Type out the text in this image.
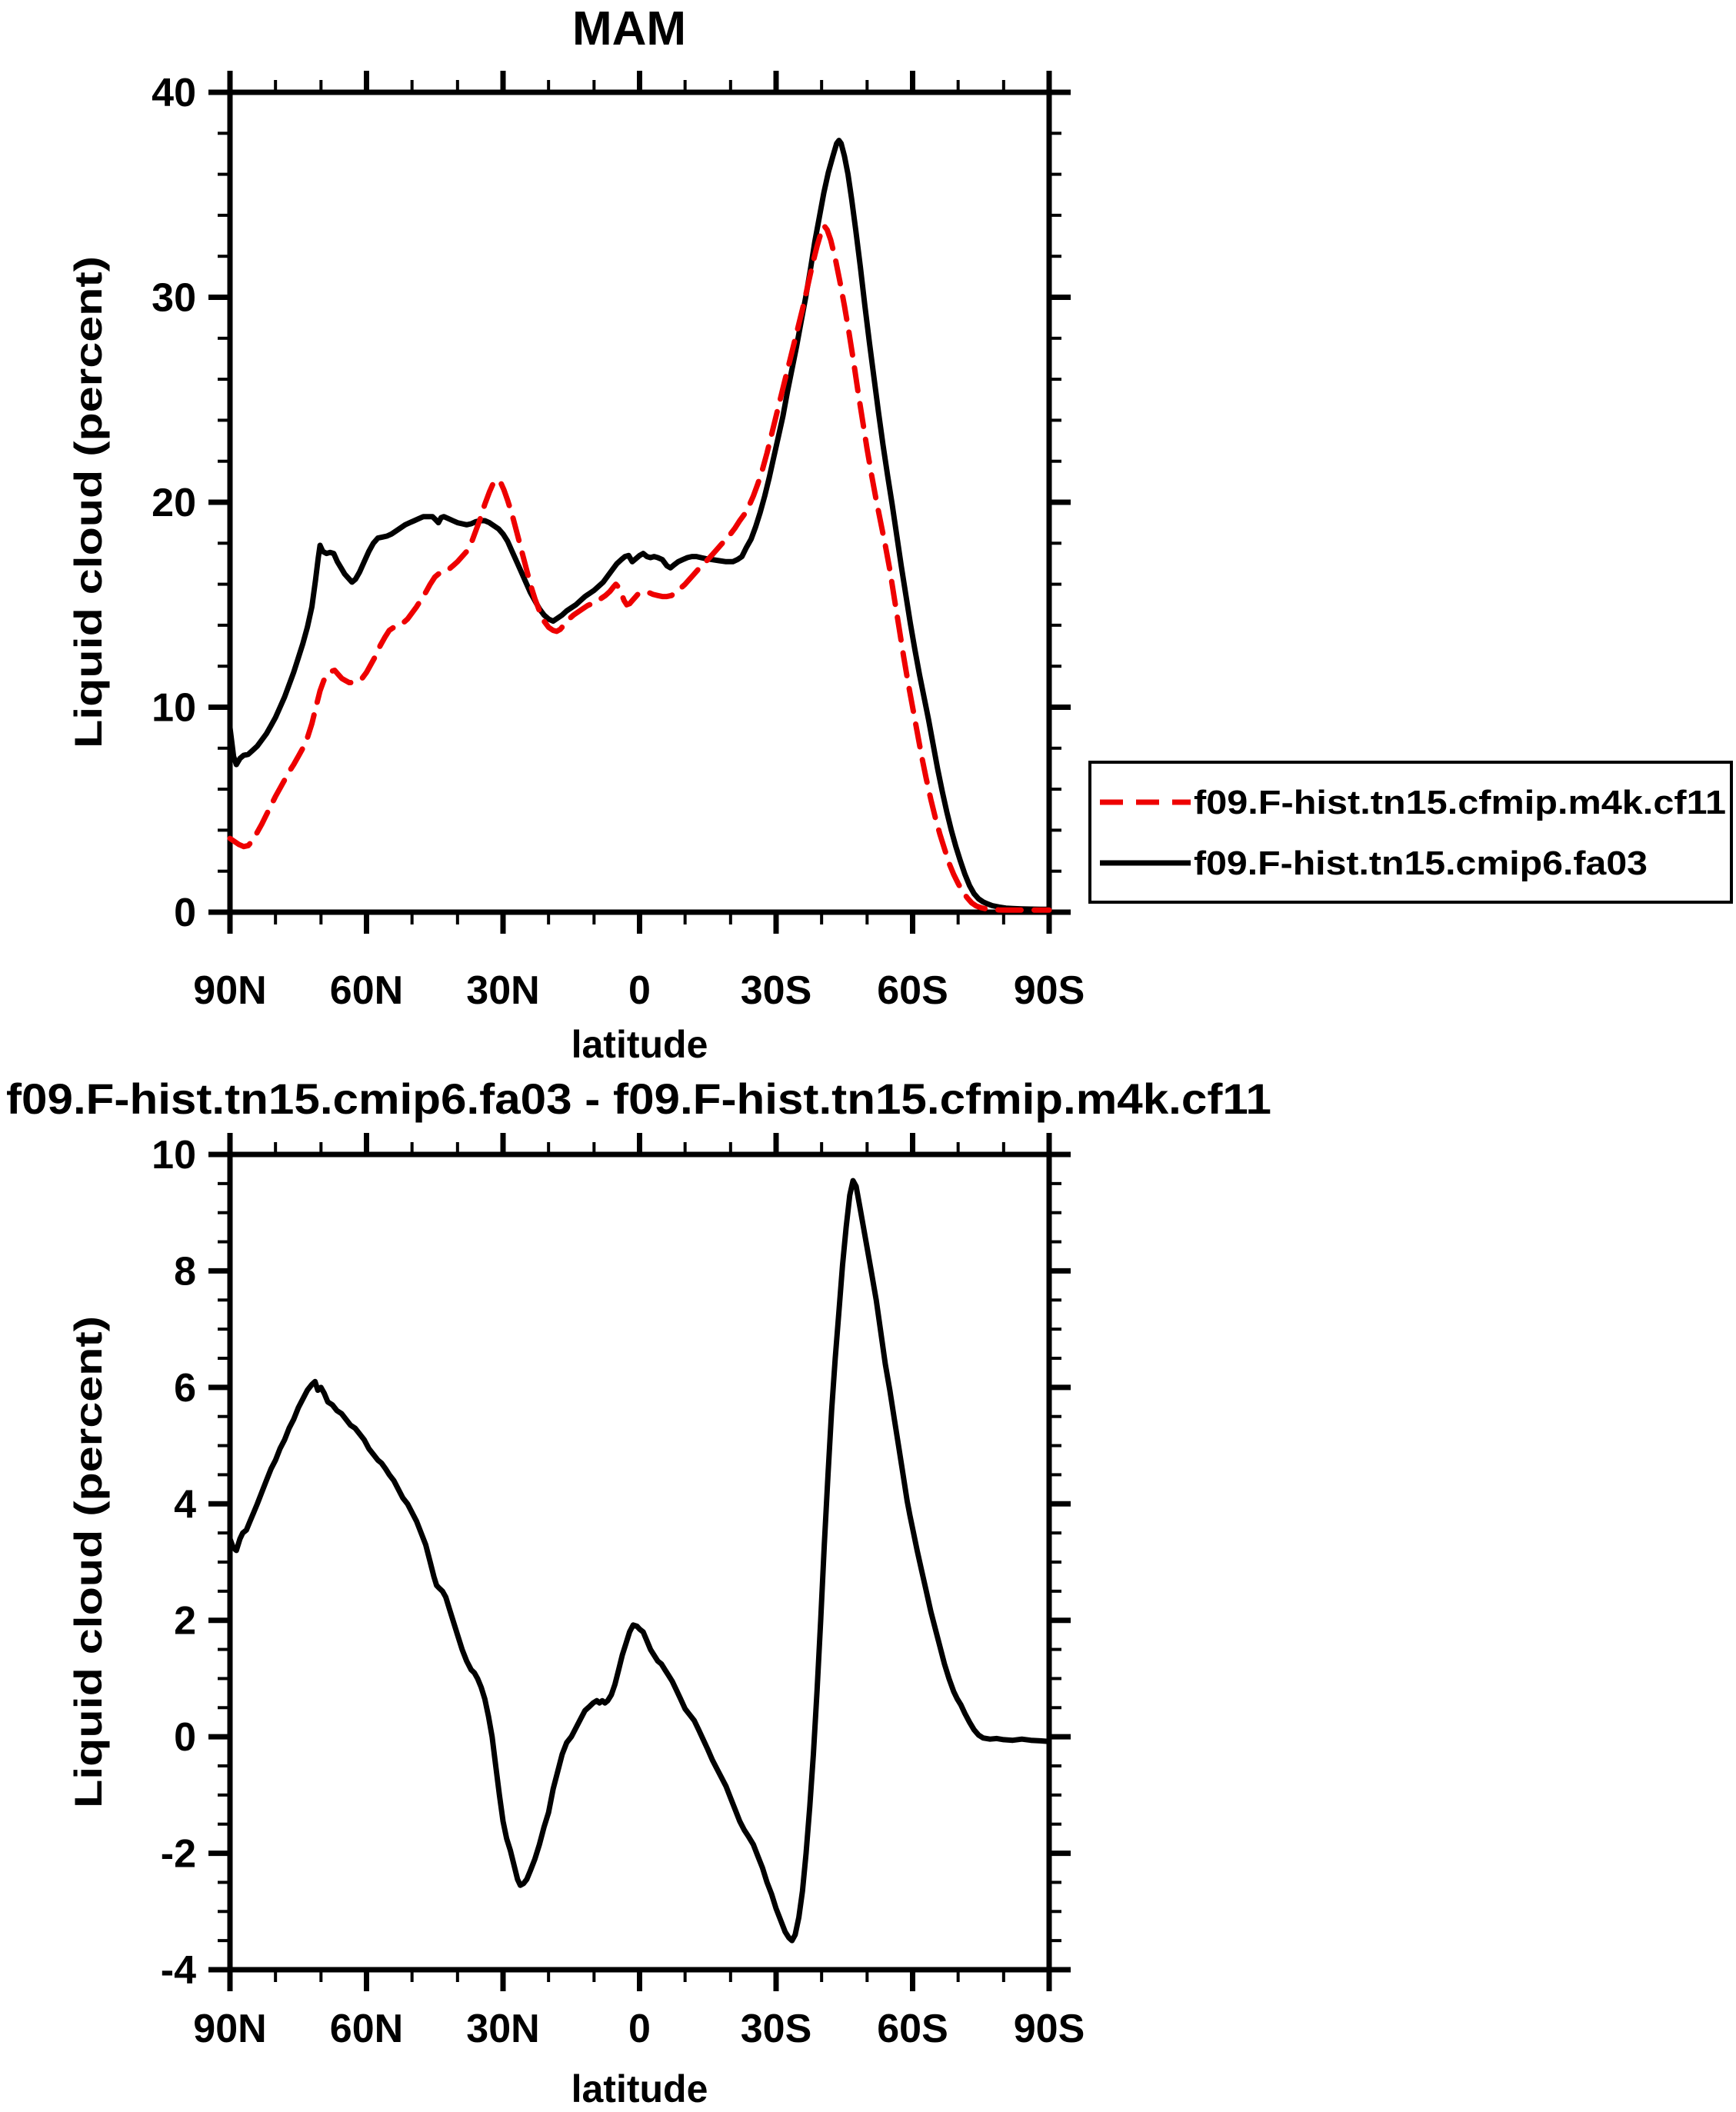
90N 60N 30N 0 30S 60S 90S
0
10
20
30
40
latitude
Liquid cloud (percent)
MAM
f09.F-hist.tn15.cfmip.m4k.cf11
f09.F-hist.tn15.cmip6.fa03
90N 60N 30N 0 30S 60S 90S
-4
-2
0
2
4
6
8
10
latitude
Liquid cloud (percent)
f09.F-hist.tn15.cmip6.fa03 - f09.F-hist.tn15.cfmip.m4k.cf11
